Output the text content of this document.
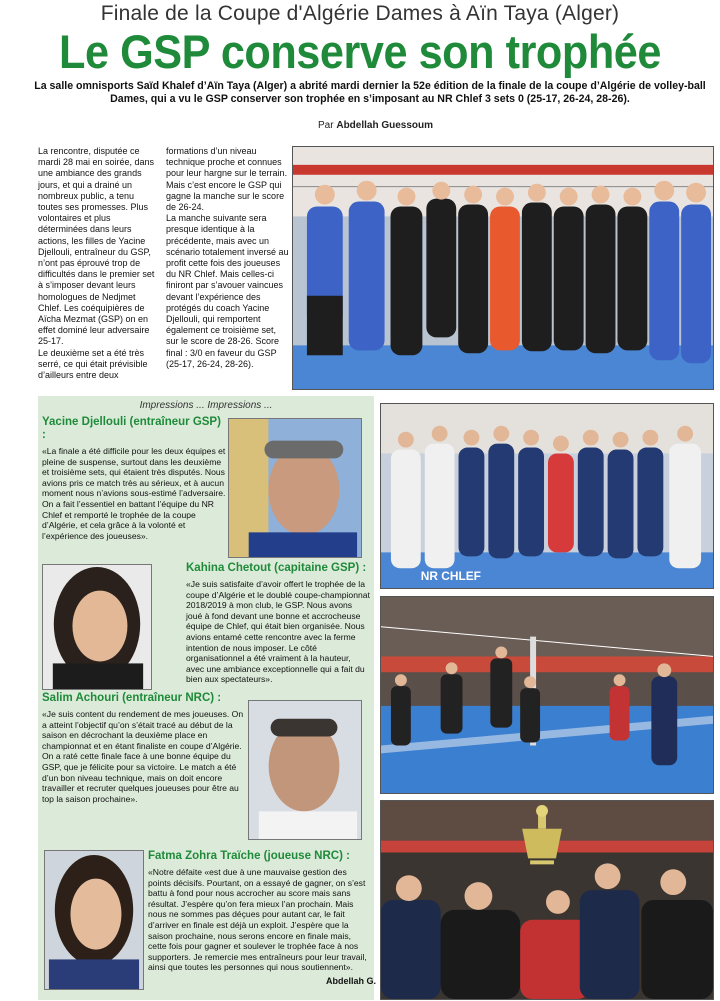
Finale de la Coupe d'Algérie Dames à Aïn Taya (Alger)
Le GSP conserve son trophée
La salle omnisports Saïd Khalef d’Aïn Taya (Alger) a abrité mardi dernier la 52e édition de la finale de la coupe d’Algérie de volley-ball Dames, qui a vu le GSP conserver son trophée en s’imposant au NR Chlef 3 sets 0 (25-17, 26-24, 28-26).
Par Abdellah Guessoum

La rencontre, disputée ce mardi 28 mai en soirée, dans une ambiance des grands jours, et qui a drainé un nombreux public, a tenu toutes ses promesses. Plus volontaires et plus déterminées dans leurs actions, les filles de Yacine Djellouli, entraîneur du GSP, n’ont pas éprouvé trop de difficultés dans le premier set à s’imposer devant leurs homologues de Nedjmet Chlef. Les coéquipières de Aïcha Mezmat (GSP) on en effet dominé leur adversaire 25-17.
Le deuxième set a été très serré, ce qui était prévisible d’ailleurs entre deux

formations d’un niveau technique proche et connues pour leur hargne sur le terrain. Mais c’est encore le GSP qui gagne la manche sur le score de 26-24.
La manche suivante sera presque identique à la précédente, mais avec un scénario totalement inversé au profit cette fois des joueuses du NR Chlef. Mais celles-ci finiront par s’avouer vaincues devant l’expérience des protégés du coach Yacine Djellouli, qui remportent également ce troisième set, sur le score de 28-26. Score final : 3/0 en faveur du GSP (25-17, 26-24, 28-26).

NR CHLEF
Impressions ... Impressions ...
Yacine Djellouli (entraîneur GSP) :
«La finale a été difficile pour les deux équipes et pleine de suspense, surtout dans les deuxième et troisième sets, qui étaient très disputés. Nous avions pris ce match très au sérieux, et à aucun moment nous n’avions sous-estimé l’adversaire. On a fait l’essentiel en battant l’équipe du NR Chlef et remporté le trophée de la coupe d’Algérie, et cela grâce à la volonté et l’expérience des joueuses».
Kahina Chetout (capitaine GSP) :
«Je suis satisfaite d’avoir offert le trophée de la coupe d’Algérie et le doublé coupe-championnat 2018/2019 à mon club, le GSP. Nous avons joué à fond devant une bonne et accrocheuse équipe de Chlef, qui était bien organisée. Nous avions entamé cette rencontre avec la ferme intention de nous imposer. Le côté organisationnel a été vraiment à la hauteur, avec une ambiance exceptionnelle qui a fait du bien aux spectateurs».
Salim Achouri (entraîneur NRC) :
«Je suis content du rendement de mes joueuses. On a atteint l’objectif qu’on s’était tracé au début de la saison en décrochant la deuxième place en championnat et en étant finaliste en coupe d’Algérie. On a raté cette finale face à une bonne équipe du GSP, que je félicite pour sa victoire. Le match a été d’un bon niveau technique, mais on doit encore travailler et recruter quelques joueuses pour être au top la saison prochaine».
Fatma Zohra Traïche (joueuse NRC) :
«Notre défaite «est due à une mauvaise gestion des points décisifs. Pourtant, on a essayé de gagner, on s’est battu à fond pour nous accrocher au score mais sans résultat. J’espère qu’on fera mieux l’an prochain. Mais nous ne sommes pas déçues pour autant car, le fait d’arriver en finale est déjà un exploit. J’espère que la saison prochaine, nous serons encore en finale mais, cette fois pour gagner et soulever le trophée face à nos supporters. Je remercie mes entraîneurs pour leur travail, ainsi que toutes les personnes qui nous soutiennent».
Abdellah G.
